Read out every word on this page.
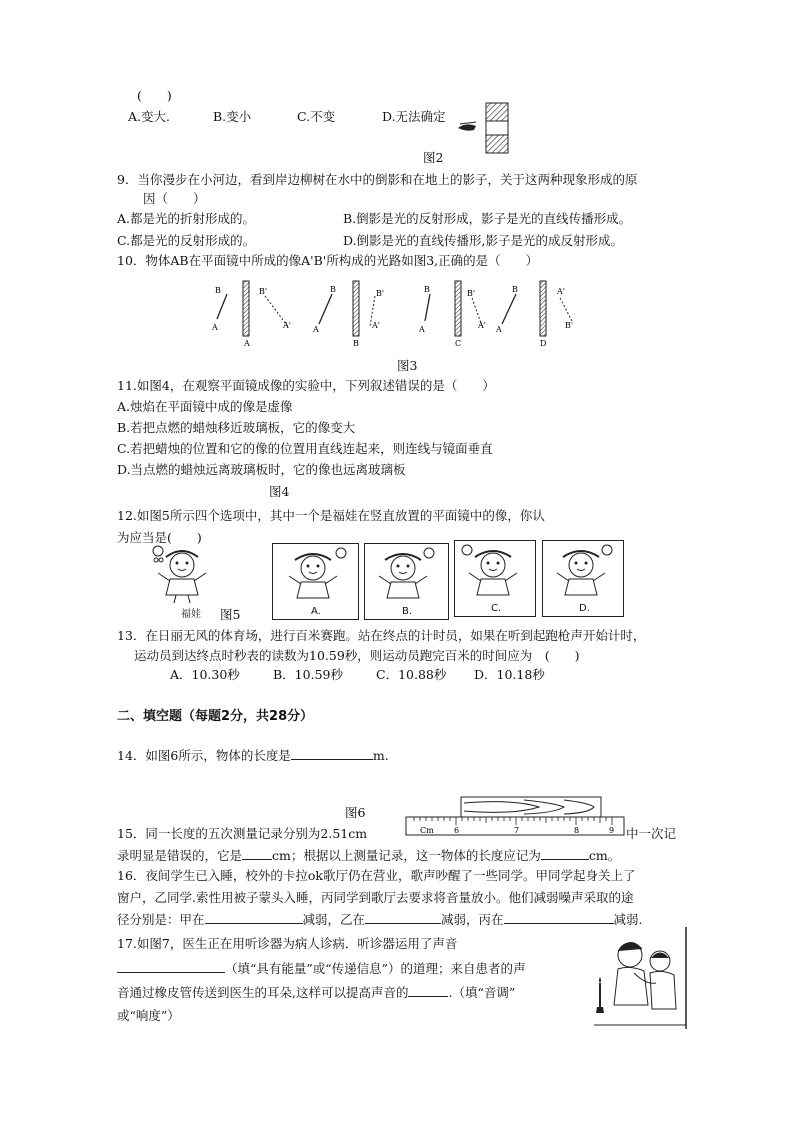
(　　)
A.变大.	B.变小	C.不变	D.无法确定
图2
9．当你漫步在小河边，看到岸边柳树在水中的倒影和在地上的影子，关于这两种现象形成的原
因（　　）
A.都是光的折射形成的。	B.倒影是光的反射形成，影子是光的直线传播形成。
C.都是光的反射形成的。	D.倒影是光的直线传播形,影子是光的成反射形成。
10．物体AB在平面镜中所成的像A'B'所构成的光路如图3,正确的是（　　）
A
B	B'
A'
A
A
B	B'
A'
B
A
B	B'
A'
C
A
B	A'
B'
D
图3
11.如图4，在观察平面镜成像的实验中，下列叙述错误的是（　　）
A.烛焰在平面镜中成的像是虚像
B.若把点燃的蜡烛移近玻璃板，它的像变大
C.若把蜡烛的位置和它的像的位置用直线连起来，则连线与镜面垂直
D.当点燃的蜡烛远离玻璃板时，它的像也远离玻璃板
图4
12.如图5所示四个选项中，其中一个是福娃在竖直放置的平面镜中的像，你认
为应当是(　　)
福娃 图5	A.	B.	C.	D.
13．在日丽无风的体育场，进行百米赛跑。站在终点的计时员，如果在听到起跑枪声开始计时，
运动员到达终点时秒表的读数为10.59秒，则运动员跑完百米的时间应为　(　　)
A．10.30秒	B．10.59秒	C．10.88秒 D．10.18秒
二、填空题（每题2分，共28分）
14．如图6所示，物体的长度是	m.
Cm	6	7	8	9
图6
15．同一长度的五次测量记录分别为2.51cm	中一次记
录明显是错误的，它是 cm；根据以上测量记录，这一物体的长度应记为	cm。
16．夜间学生已入睡，校外的卡拉ok歌厅仍在营业，歌声吵醒了一些同学。甲同学起身关上了
窗户，乙同学.索性用被子蒙头入睡，丙同学到歌厅去要求将音量放小。他们减弱噪声采取的途
径分别是：甲在	减弱，乙在	减弱，丙在	减弱.
17.如图7，医生正在用听诊器为病人诊病．听诊器运用了声音
（填“具有能量”或“传递信息”）的道理；来自患者的声
音通过橡皮管传送到医生的耳朵,这样可以提高声音的	.（填“音调”
或“响度”）
